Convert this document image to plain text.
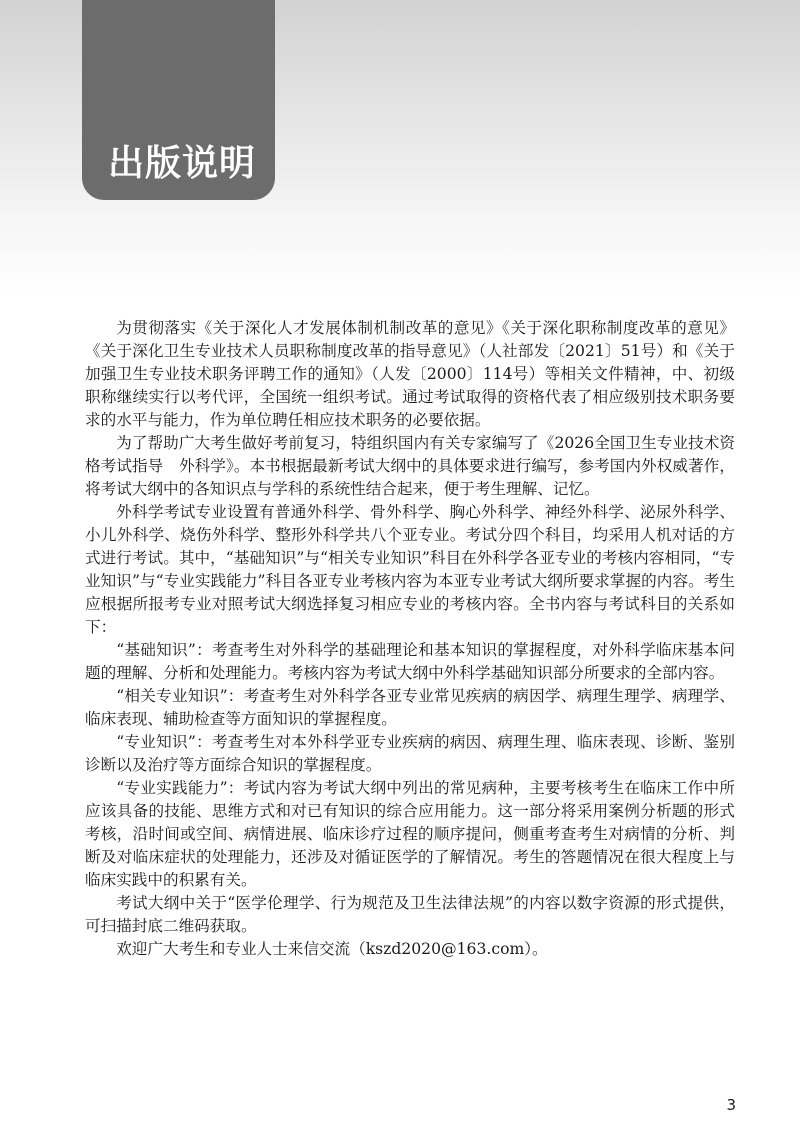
出版说明

为贯彻落实《关于深化人才发展体制机制改革的意见》《关于深化职称制度改革的意见》《关于深化卫生专业技术人员职称制度改革的指导意见》（人社部发〔2021〕51号）和《关于加强卫生专业技术职务评聘工作的通知》（人发〔2000〕114号）等相关文件精神，中、初级职称继续实行以考代评，全国统一组织考试。通过考试取得的资格代表了相应级别技术职务要求的水平与能力，作为单位聘任相应技术职务的必要依据。

为了帮助广大考生做好考前复习，特组织国内有关专家编写了《2026全国卫生专业技术资格考试指导　外科学》。本书根据最新考试大纲中的具体要求进行编写，参考国内外权威著作，将考试大纲中的各知识点与学科的系统性结合起来，便于考生理解、记忆。

外科学考试专业设置有普通外科学、骨外科学、胸心外科学、神经外科学、泌尿外科学、小儿外科学、烧伤外科学、整形外科学共八个亚专业。考试分四个科目，均采用人机对话的方式进行考试。其中，“基础知识”与“相关专业知识”科目在外科学各亚专业的考核内容相同，“专业知识”与“专业实践能力”科目各亚专业考核内容为本亚专业考试大纲所要求掌握的内容。考生应根据所报考专业对照考试大纲选择复习相应专业的考核内容。全书内容与考试科目的关系如下：

“基础知识”：考查考生对外科学的基础理论和基本知识的掌握程度，对外科学临床基本问题的理解、分析和处理能力。考核内容为考试大纲中外科学基础知识部分所要求的全部内容。

“相关专业知识”：考查考生对外科学各亚专业常见疾病的病因学、病理生理学、病理学、临床表现、辅助检查等方面知识的掌握程度。

“专业知识”：考查考生对本外科学亚专业疾病的病因、病理生理、临床表现、诊断、鉴别诊断以及治疗等方面综合知识的掌握程度。

“专业实践能力”：考试内容为考试大纲中列出的常见病种，主要考核考生在临床工作中所应该具备的技能、思维方式和对已有知识的综合应用能力。这一部分将采用案例分析题的形式考核，沿时间或空间、病情进展、临床诊疗过程的顺序提问，侧重考查考生对病情的分析、判断及对临床症状的处理能力，还涉及对循证医学的了解情况。考生的答题情况在很大程度上与临床实践中的积累有关。

考试大纲中关于“医学伦理学、行为规范及卫生法律法规”的内容以数字资源的形式提供，可扫描封底二维码获取。

欢迎广大考生和专业人士来信交流（kszd2020@163.com）。

3
